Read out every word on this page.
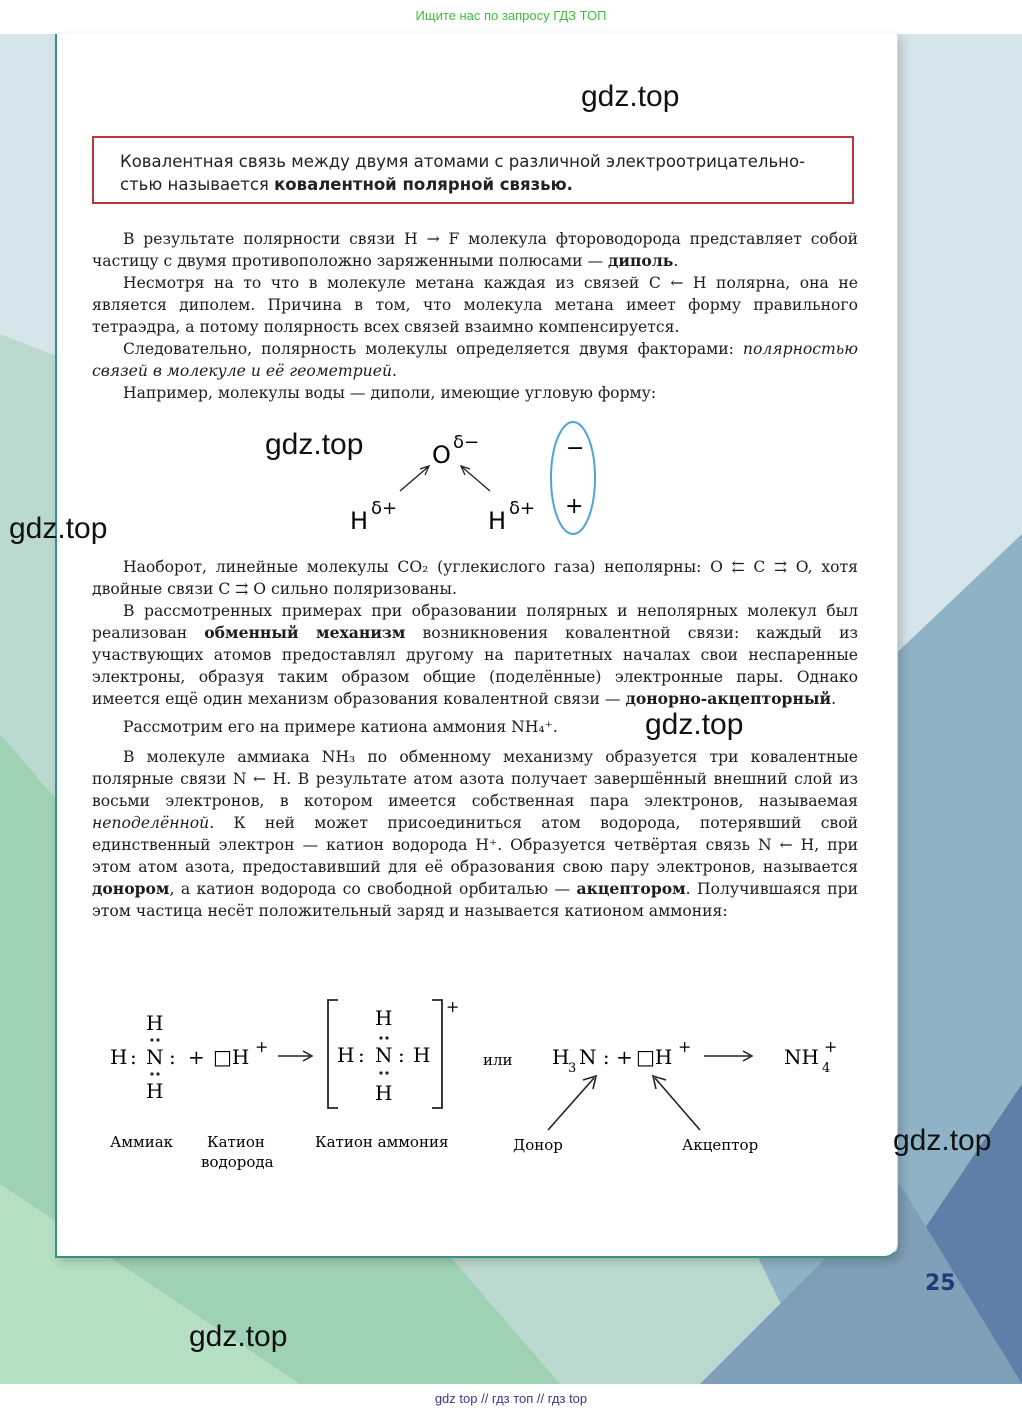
Ищите нас по запросу ГДЗ ТОП
gdz.top
gdz.top
gdz.top
gdz.top
gdz.top
gdz.top
Ковалентная связь между двумя атомами с различной электроотрицательно-стью называется ковалентной полярной связью.

В результате полярности связи H → F молекула фтороводорода представляет собой частицу с двумя противоположно заряженными полюсами — диполь.

Несмотря на то что в молекуле метана каждая из связей C ← H полярна, она не является диполем. Причина в том, что молекула метана имеет форму правильного тетраэдра, а потому полярность всех связей взаимно компенсируется.

Следовательно, полярность молекулы определяется двумя факторами: полярностью связей в молекуле и её геометрией.

Например, молекулы воды — диполи, имеющие угловую форму:

O δ−
H δ+	H δ+
−
+

Наоборот, линейные молекулы CO₂ (углекислого газа) неполярны: O ⇇ C ⇉ O, хотя двойные связи C ⇉ O сильно поляризованы.

В рассмотренных примерах при образовании полярных и неполярных молекул был реализован обменный механизм возникновения ковалентной связи: каждый из участвующих атомов предоставлял другому на паритетных началах свои неспаренные электроны, образуя таким образом общие (поделённые) электронные пары. Однако имеется ещё один механизм образования ковалентной связи — донорно-акцепторный.

Рассмотрим его на примере катиона аммония NH₄⁺.

В молекуле аммиака NH₃ по обменному механизму образуется три ковалентные полярные связи N ← H. В результате атом азота получает завершённый внешний слой из восьми электронов, в котором имеется собственная пара электронов, называемая неподелённой. К ней может присоединиться атом водорода, потерявший свой единственный электрон — катион водорода H⁺. Образуется четвёртая связь N ← H, при этом атом азота, предоставивший для её образования свою пару электронов, называется донором, а катион водорода со свободной орбиталью — акцептором. Получившаяся при этом частица несёт положительный заряд и называется катионом аммония:

H
H : N :
H
+ □H +
+
H
H : N : H
H
или H
3 N : + □H +	NH 4
+
Аммиак Катион
водорода
Катион аммония	Донор	Акцептор
25
gdz top // гдз топ // гдз top
